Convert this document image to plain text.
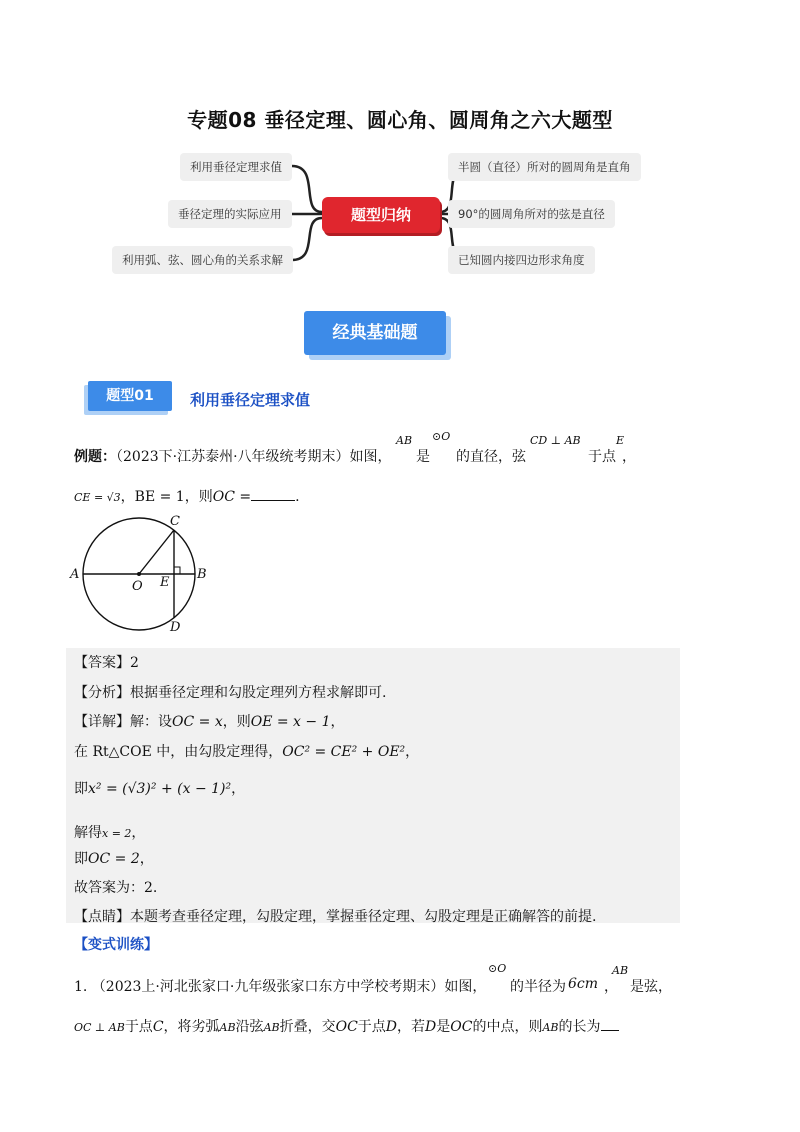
专题08 垂径定理、圆心角、圆周角之六大题型
利用垂径定理求值
垂径定理的实际应用
利用弧、弦、圆心角的关系求解
题型归纳
半圆（直径）所对的圆周角是直角
90°的圆周角所对的弦是直径
已知圆内接四边形求角度
经典基础题
题型01	利用垂径定理求值
例题：（2023下·江苏泰州·八年级统考期末）如图，
AB
是
⊙O
的直径，弦
CD ⊥ AB
于点
E
，
CE = √3，BE = 1，则OC =	.
A	B
C
D
O E
【答案】2
【分析】根据垂径定理和勾股定理列方程求解即可.
【详解】解：设OC = x，则OE = x − 1，
在 Rt△COE 中，由勾股定理得，OC² = CE² + OE²，
即x² = (√3)² + (x − 1)²，
解得x = 2，
即OC = 2，
故答案为：2.
【点睛】本题考查垂径定理，勾股定理，掌握垂径定理、勾股定理是正确解答的前提.
【变式训练】
1. （2023上·河北张家口·九年级张家口东方中学校考期末）如图，
⊙O
的半径为 6cm ，
AB
是弦，
OC ⊥ AB于点C，将劣弧AB沿弦AB折叠，交OC于点D，若D是OC的中点，则AB的长为
